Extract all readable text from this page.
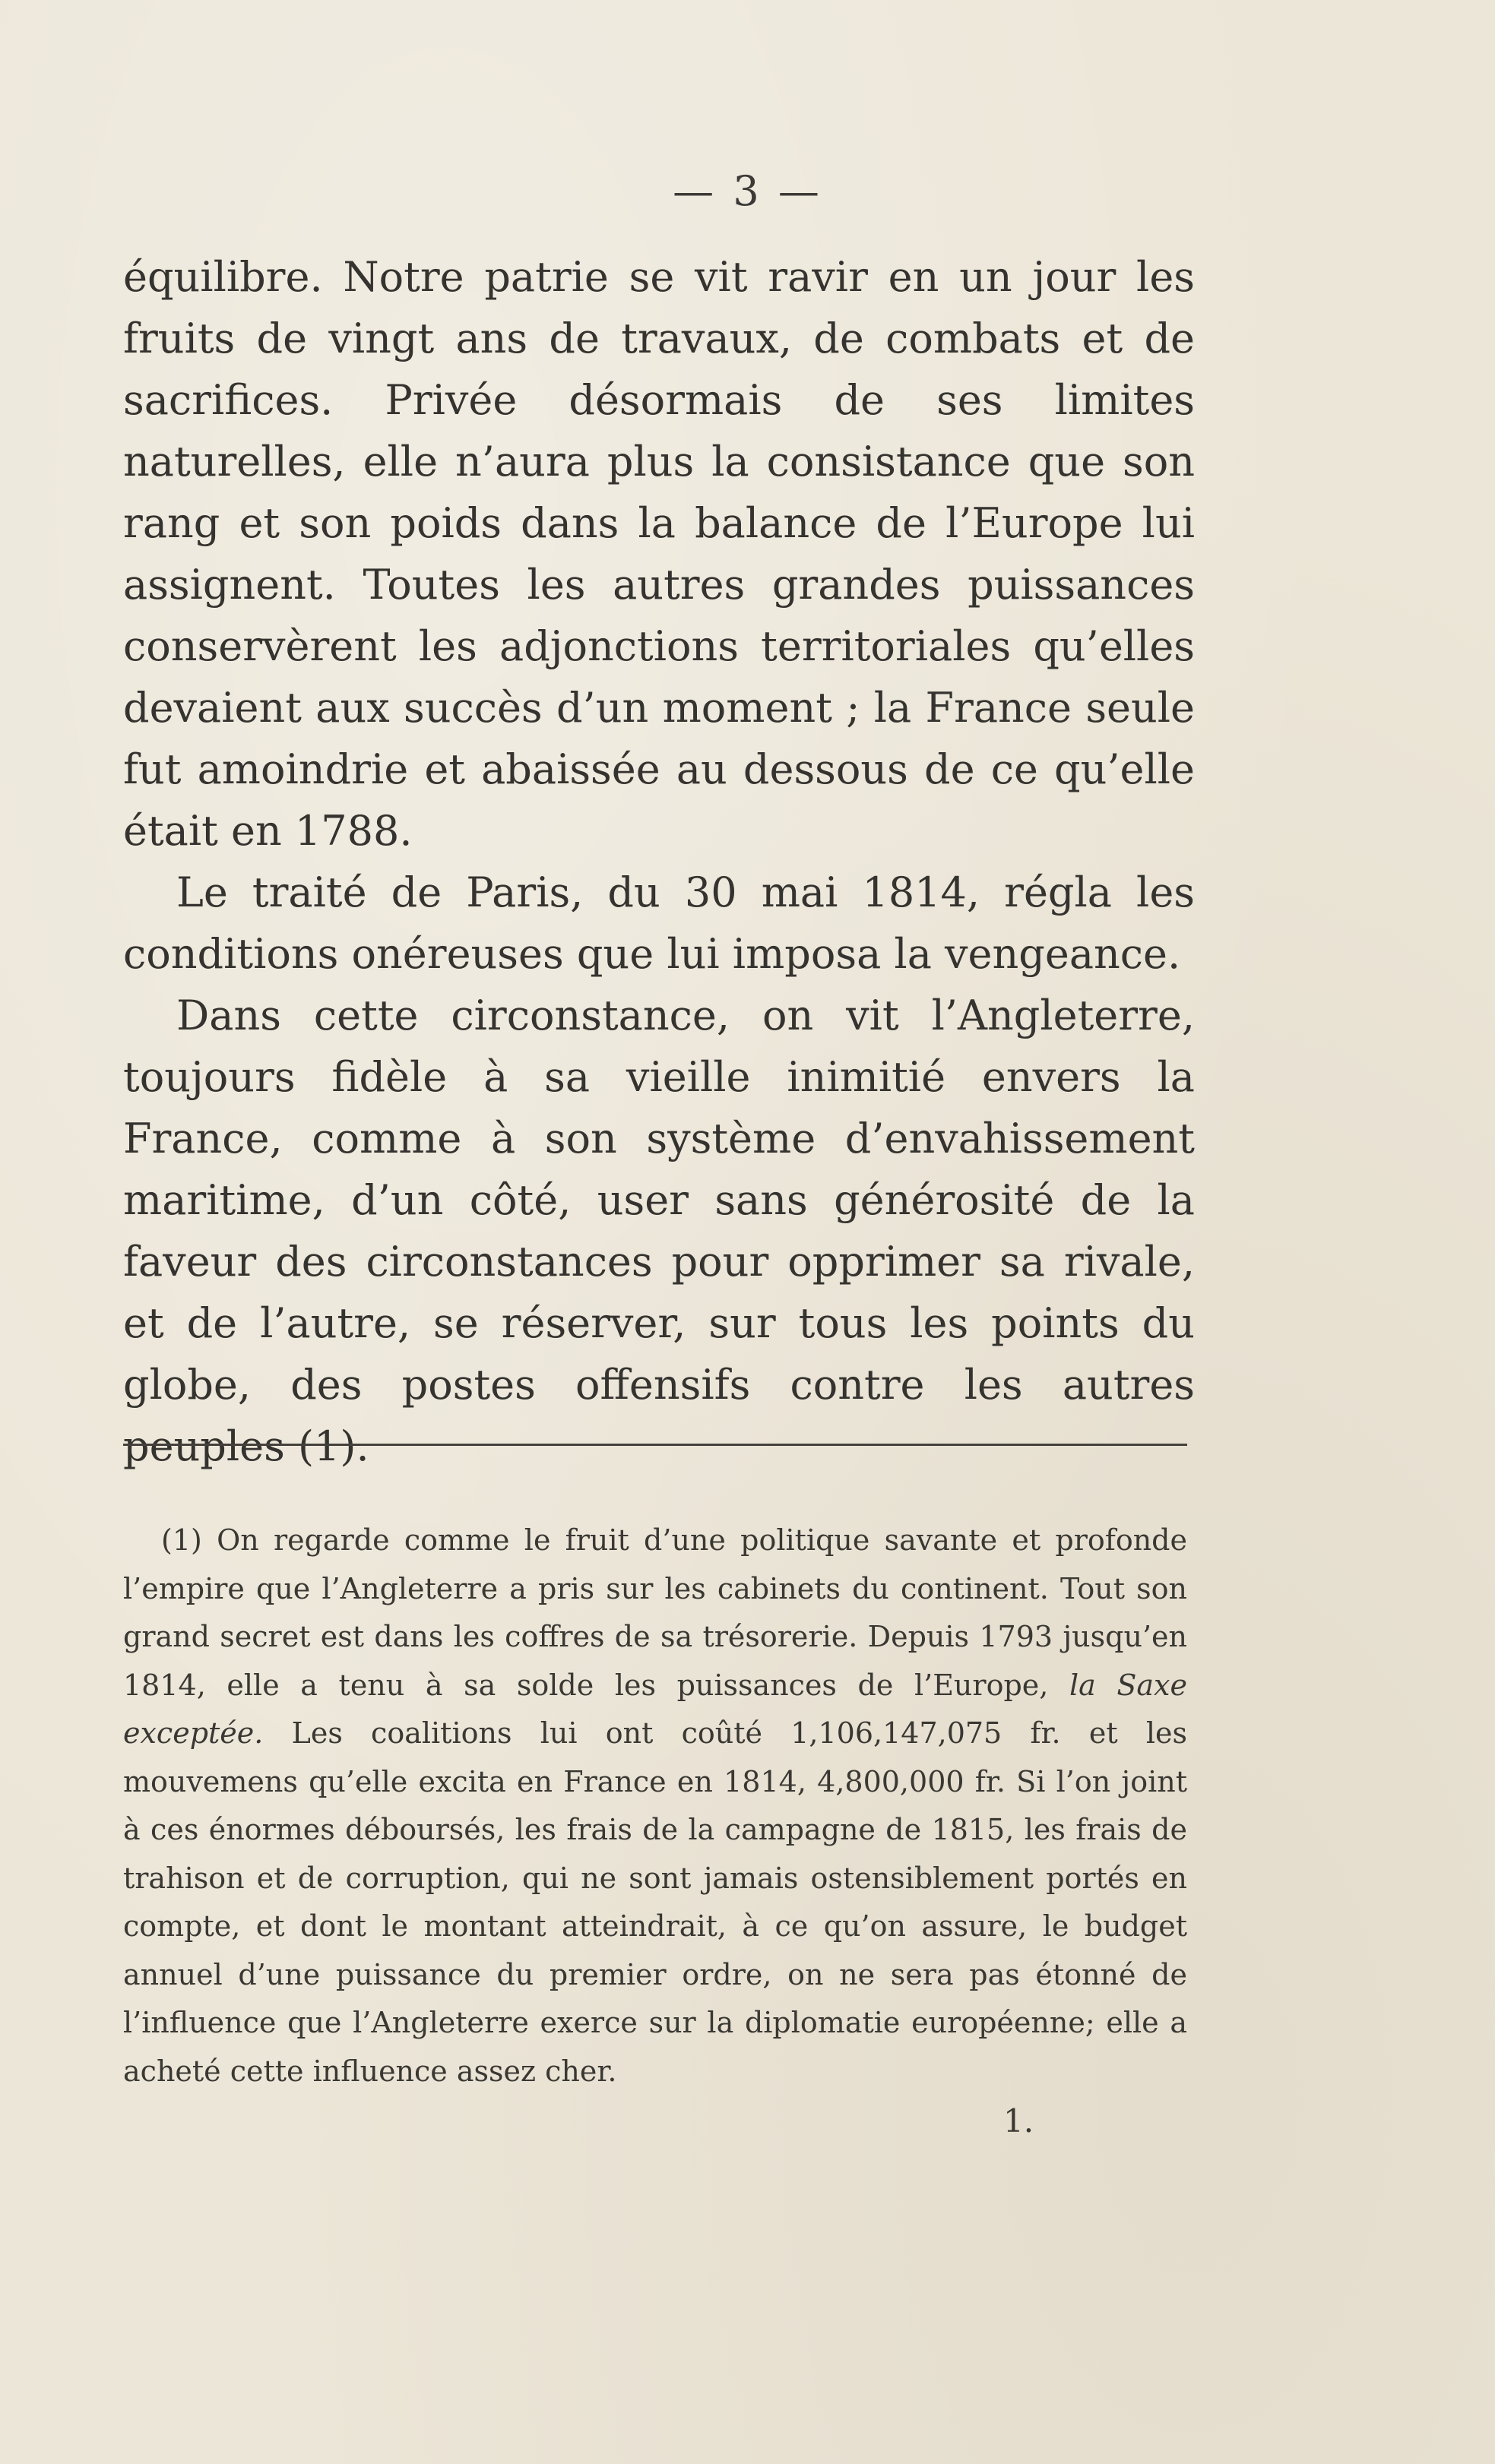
— 3 —

équilibre. Notre patrie se vit ravir en un jour les fruits de vingt ans de travaux, de combats et de sacrifices. Privée désormais de ses limites naturelles, elle n’aura plus la consistance que son rang et son poids dans la balance de l’Europe lui assignent. Toutes les autres grandes puissances conservèrent les adjonctions territoriales qu’elles devaient aux succès d’un moment ; la France seule fut amoindrie et abaissée au dessous de ce qu’elle était en 1788.

Le traité de Paris, du 30 mai 1814, régla les conditions onéreuses que lui imposa la vengeance.

Dans cette circonstance, on vit l’Angleterre, toujours fidèle à sa vieille inimitié envers la France, comme à son système d’envahissement maritime, d’un côté, user sans générosité de la faveur des circonstances pour opprimer sa rivale, et de l’autre, se réserver, sur tous les points du globe, des postes offensifs contre les autres peuples (1).

(1) On regarde comme le fruit d’une politique savante et profonde l’empire que l’Angleterre a pris sur les cabinets du continent. Tout son grand secret est dans les coffres de sa trésorerie. Depuis 1793 jusqu’en 1814, elle a tenu à sa solde les puissances de l’Europe, la Saxe exceptée. Les coalitions lui ont coûté 1,106,147,075 fr. et les mouvemens qu’elle excita en France en 1814, 4,800,000 fr. Si l’on joint à ces énormes déboursés, les frais de la campagne de 1815, les frais de trahison et de corruption, qui ne sont jamais ostensiblement portés en compte, et dont le montant atteindrait, à ce qu’on assure, le budget annuel d’une puissance du premier ordre, on ne sera pas étonné de l’influence que l’Angleterre exerce sur la diplomatie européenne; elle a acheté cette influence assez cher.

1.
